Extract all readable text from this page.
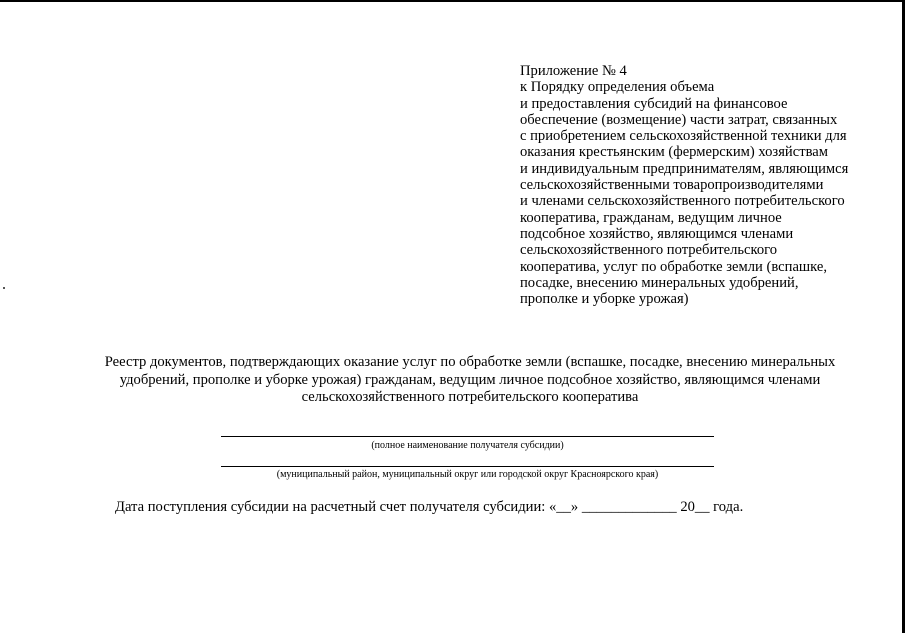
Приложение № 4
к Порядку определения объема
и предоставления субсидий на финансовое
обеспечение (возмещение) части затрат, связанных
с приобретением сельскохозяйственной техники для
оказания крестьянским (фермерским) хозяйствам
и индивидуальным предпринимателям, являющимся
сельскохозяйственными товаропроизводителями
и членами сельскохозяйственного потребительского
кооператива, гражданам, ведущим личное
подсобное хозяйство, являющимся членами
сельскохозяйственного потребительского
кооператива, услуг по обработке земли (вспашке,
посадке, внесению минеральных удобрений,
прополке и уборке урожая)
Реестр документов, подтверждающих оказание услуг по обработке земли (вспашке, посадке, внесению минеральных
удобрений, прополке и уборке урожая) гражданам, ведущим личное подсобное хозяйство, являющимся членами
сельскохозяйственного потребительского кооператива
(полное наименование получателя субсидии)
(муниципальный район, муниципальный округ или городской округ Красноярского края)
Дата поступления субсидии на расчетный счет получателя субсидии: «__» _____________ 20__ года.
